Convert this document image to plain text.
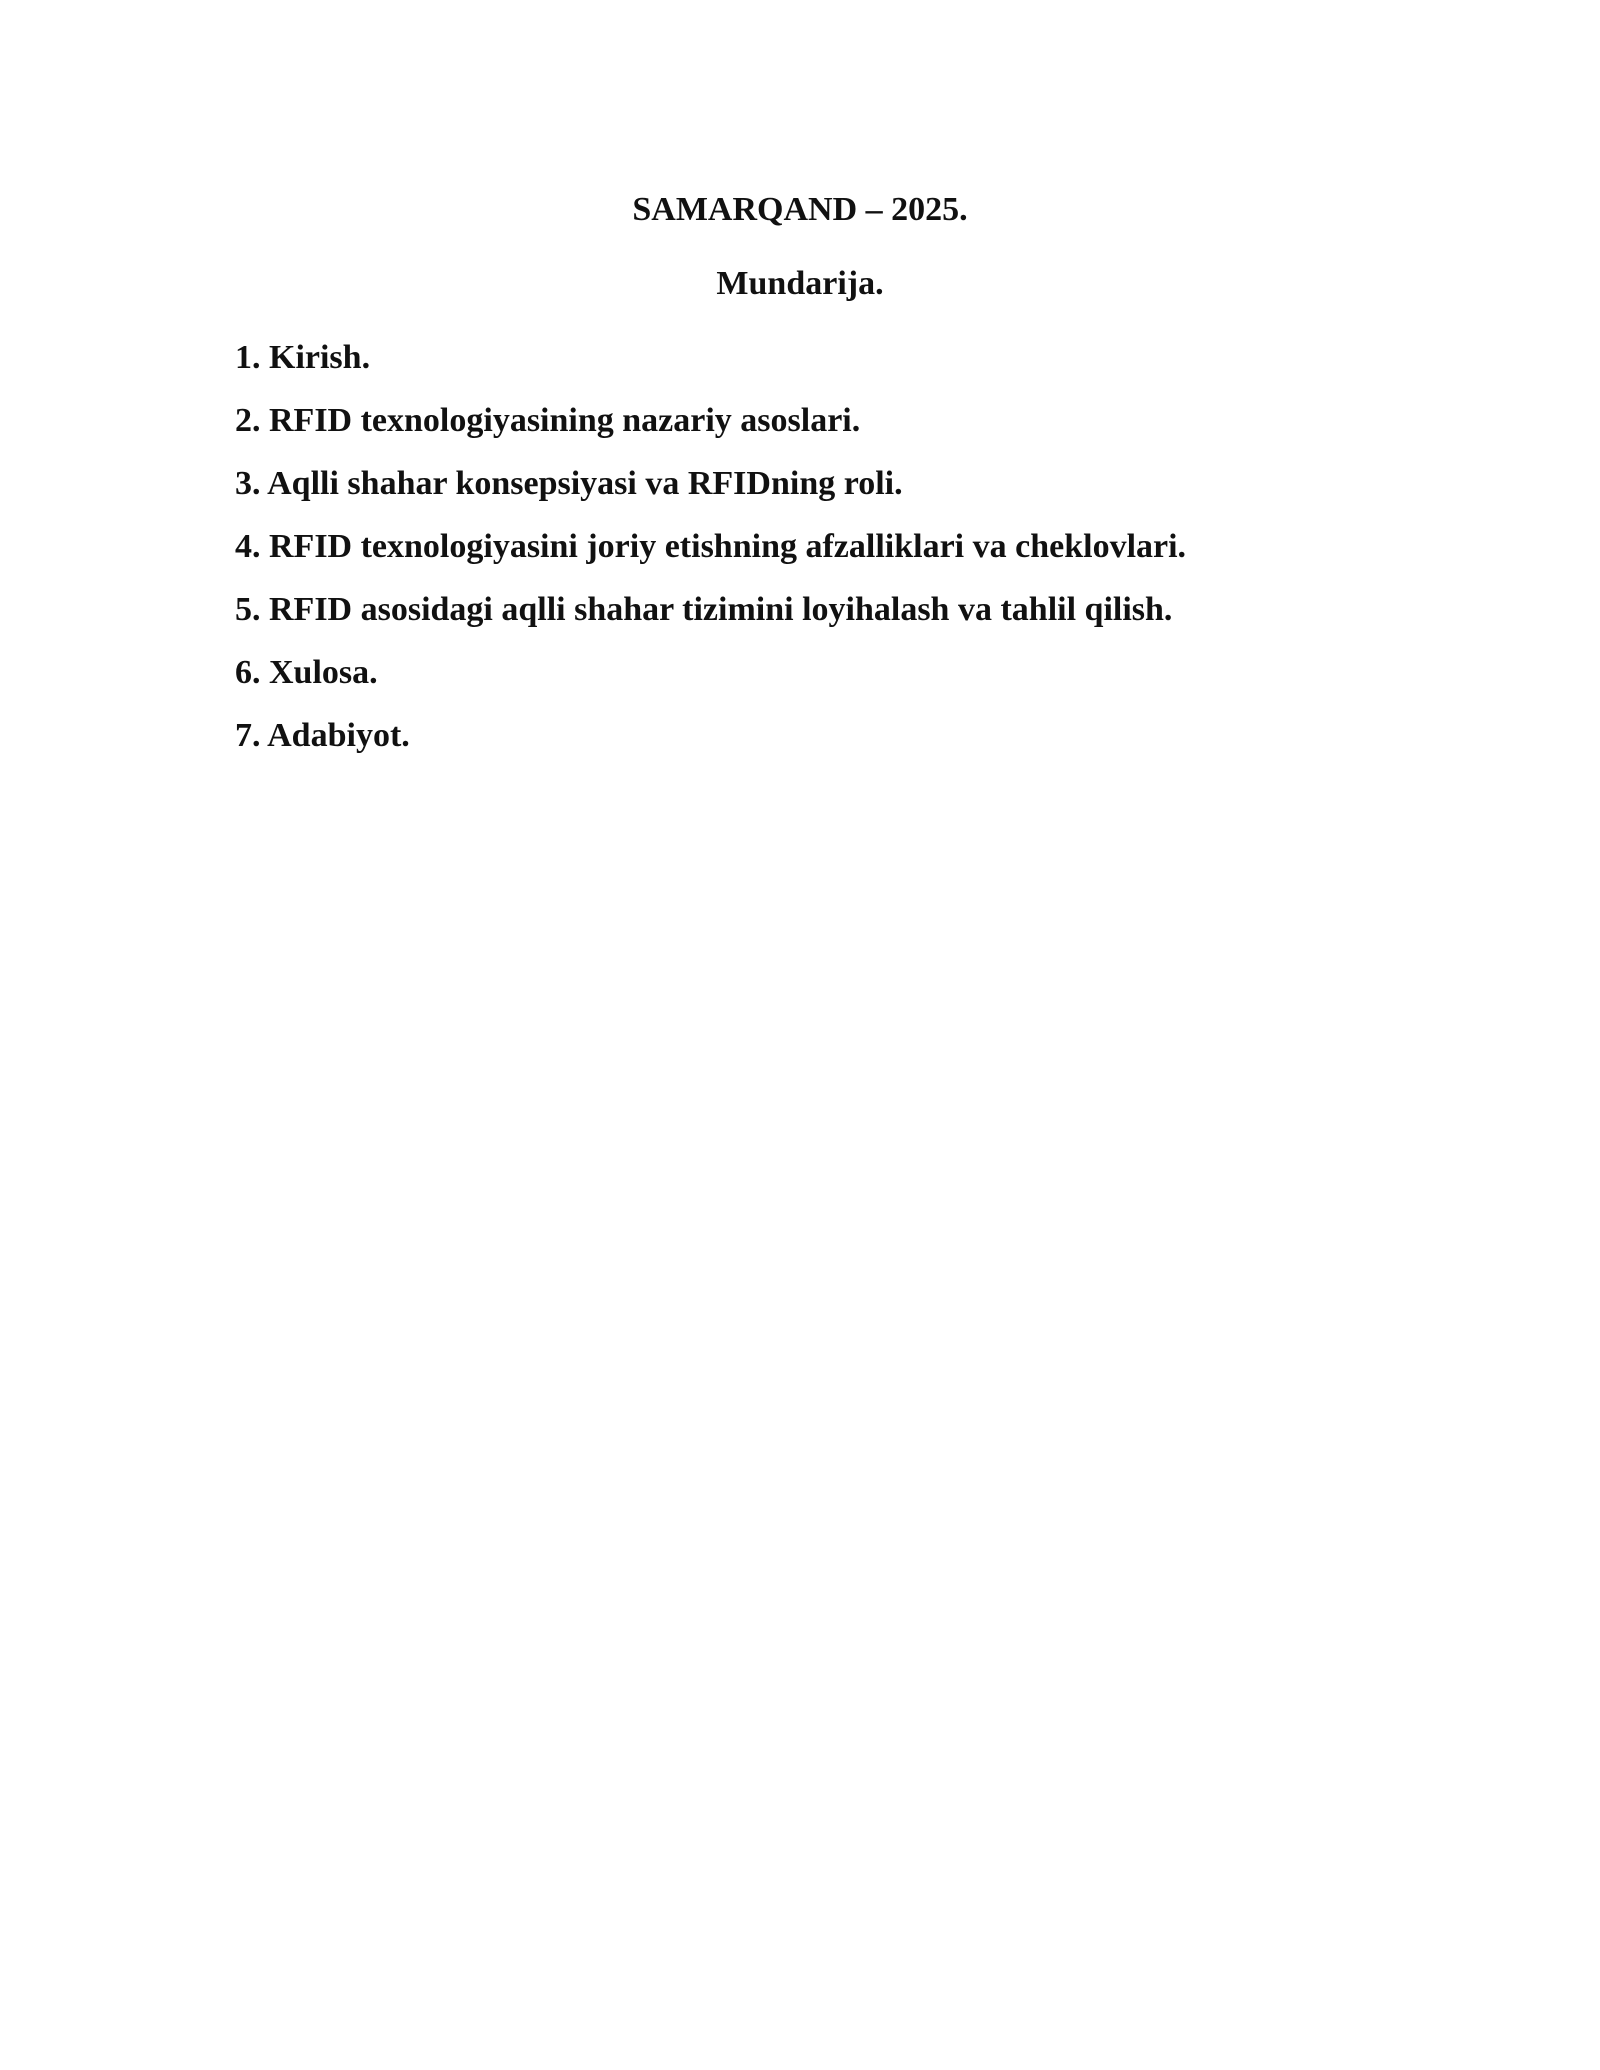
SAMARQAND – 2025.

Mundarija.

1. Kirish.
2. RFID texnologiyasining nazariy asoslari.
3. Aqlli shahar konsepsiyasi va RFIDning roli.
4. RFID texnologiyasini joriy etishning afzalliklari va cheklovlari.
5. RFID asosidagi aqlli shahar tizimini loyihalash va tahlil qilish.
6. Xulosa.
7. Adabiyot.
